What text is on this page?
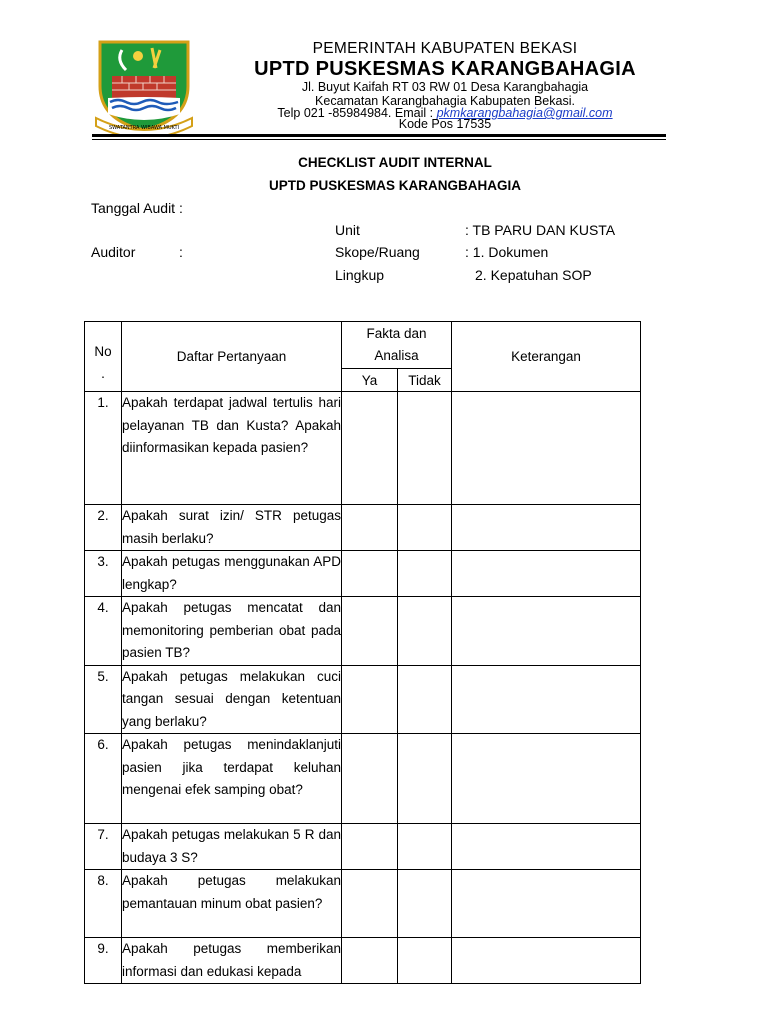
SWATANTRA WIBAWA MUKTI
PEMERINTAH KABUPATEN BEKASI
UPTD PUSKESMAS KARANGBAHAGIA
Jl. Buyut Kaifah RT 03 RW 01 Desa Karangbahagia
Kecamatan Karangbahagia Kabupaten Bekasi.
Telp 021 -85984984. Email : pkmkarangbahagia@gmail.com
Kode Pos 17535
CHECKLIST AUDIT INTERNAL
UPTD PUSKESMAS KARANGBAHAGIA
Tanggal Audit :
Unit	: TB PARU DAN KUSTA
Auditor	:	Skope/Ruang	: 1. Dokumen
Lingkup	2. Kepatuhan SOP
No
.	Daftar Pertanyaan	Fakta dan Analisa		Keterangan
		Ya	Tidak	
1.	Apakah terdapat jadwal tertulis hari pelayanan TB dan Kusta? Apakah diinformasikan kepada pasien?			
2.	Apakah surat izin/ STR petugas masih berlaku?			
3.	Apakah petugas menggunakan APD lengkap?			
4.	Apakah petugas mencatat dan memonitoring pemberian obat pada pasien TB?			
5.	Apakah petugas melakukan cuci tangan sesuai dengan ketentuan yang berlaku?			
6.	Apakah petugas menindaklanjuti pasien jika terdapat keluhan mengenai efek samping obat?			
7.	Apakah petugas melakukan 5 R dan budaya 3 S?			
8.	Apakah petugas melakukan pemantauan minum obat pasien?			
9.	Apakah petugas memberikan informasi dan edukasi kepada			
